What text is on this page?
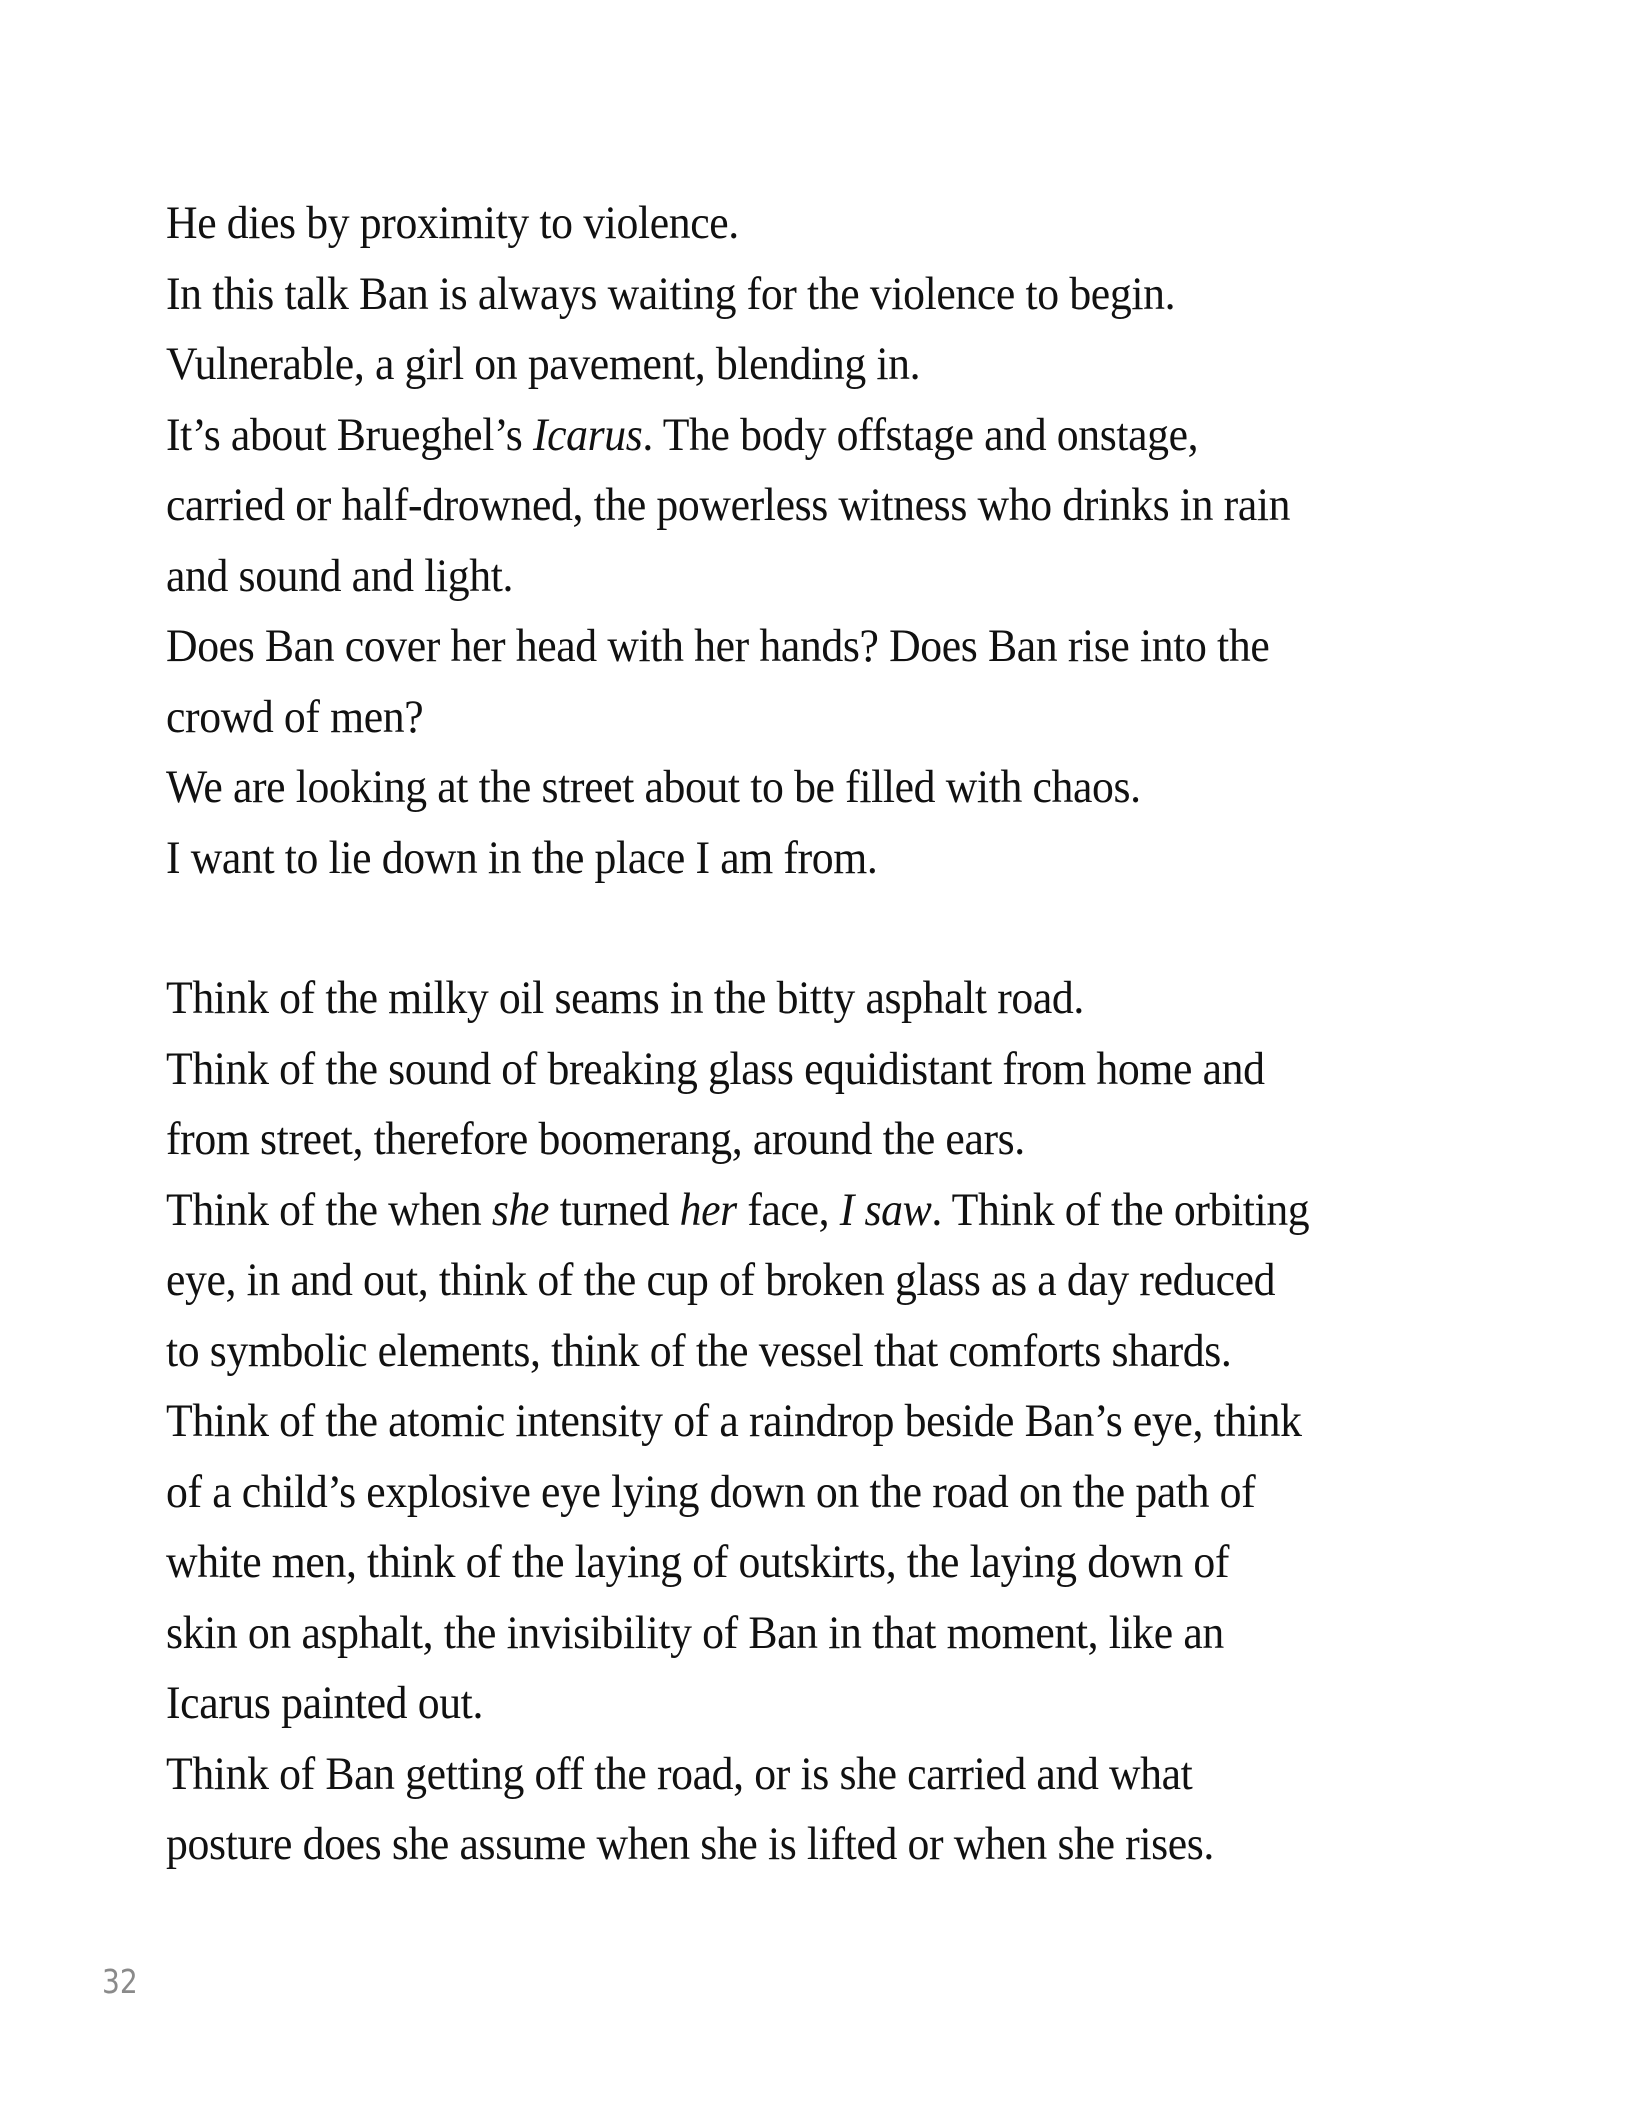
He dies by proximity to violence.
In this talk Ban is always waiting for the violence to begin.
Vulnerable, a girl on pavement, blending in.
It’s about Brueghel’s Icarus. The body offstage and onstage,
carried or half-drowned, the powerless witness who drinks in rain
and sound and light.
Does Ban cover her head with her hands? Does Ban rise into the
crowd of men?
We are looking at the street about to be filled with chaos.
I want to lie down in the place I am from.
Think of the milky oil seams in the bitty asphalt road.
Think of the sound of breaking glass equidistant from home and
from street, therefore boomerang, around the ears.
Think of the when she turned her face, I saw. Think of the orbiting
eye, in and out, think of the cup of broken glass as a day reduced
to symbolic elements, think of the vessel that comforts shards.
Think of the atomic intensity of a raindrop beside Ban’s eye, think
of a child’s explosive eye lying down on the road on the path of
white men, think of the laying of outskirts, the laying down of
skin on asphalt, the invisibility of Ban in that moment, like an
Icarus painted out.
Think of Ban getting off the road, or is she carried and what
posture does she assume when she is lifted or when she rises.
32
